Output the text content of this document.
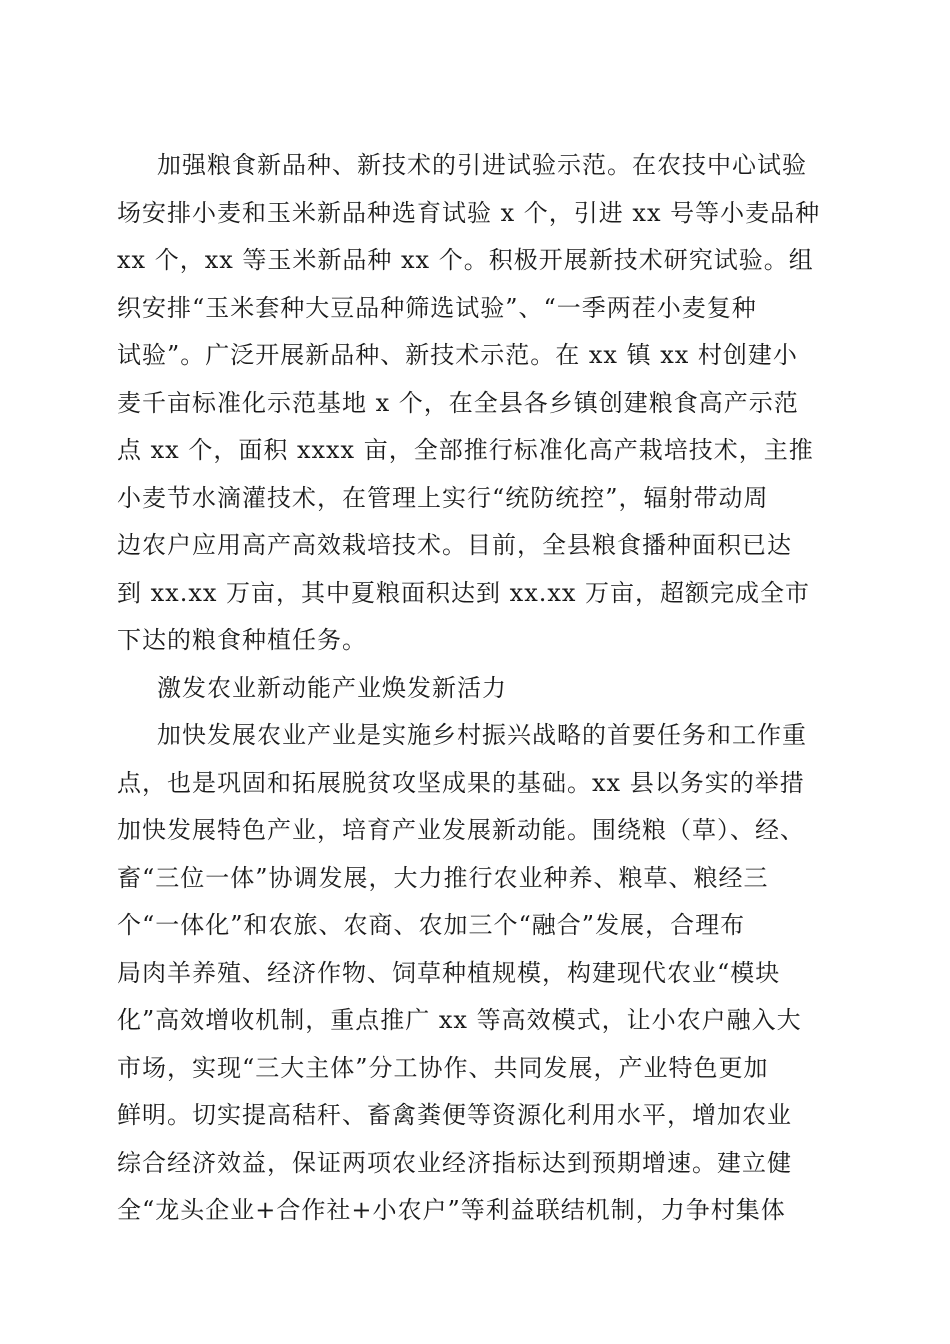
加强粮食新品种、新技术的引进试验示范。在农技中心试验
场安排小麦和玉米新品种选育试验 x 个，引进 xx 号等小麦品种
xx 个，xx 等玉米新品种 xx 个。积极开展新技术研究试验。组
织安排“玉米套种大豆品种筛选试验”、“一季两茬小麦复种
试验”。广泛开展新品种、新技术示范。在 xx 镇 xx 村创建小
麦千亩标准化示范基地 x 个，在全县各乡镇创建粮食高产示范
点 xx 个，面积 xxxx 亩，全部推行标准化高产栽培技术，主推
小麦节水滴灌技术，在管理上实行“统防统控”，辐射带动周
边农户应用高产高效栽培技术。目前，全县粮食播种面积已达
到 xx.xx 万亩，其中夏粮面积达到 xx.xx 万亩，超额完成全市
下达的粮食种植任务。
激发农业新动能产业焕发新活力
加快发展农业产业是实施乡村振兴战略的首要任务和工作重
点，也是巩固和拓展脱贫攻坚成果的基础。xx 县以务实的举措
加快发展特色产业，培育产业发展新动能。围绕粮（草）、经、
畜“三位一体”协调发展，大力推行农业种养、粮草、粮经三
个“一体化”和农旅、农商、农加三个“融合”发展，合理布
局肉羊养殖、经济作物、饲草种植规模，构建现代农业“模块
化”高效增收机制，重点推广 xx 等高效模式，让小农户融入大
市场，实现“三大主体”分工协作、共同发展，产业特色更加
鲜明。切实提高秸秆、畜禽粪便等资源化利用水平，增加农业
综合经济效益，保证两项农业经济指标达到预期增速。建立健
全“龙头企业+合作社+小农户”等利益联结机制，力争村集体
